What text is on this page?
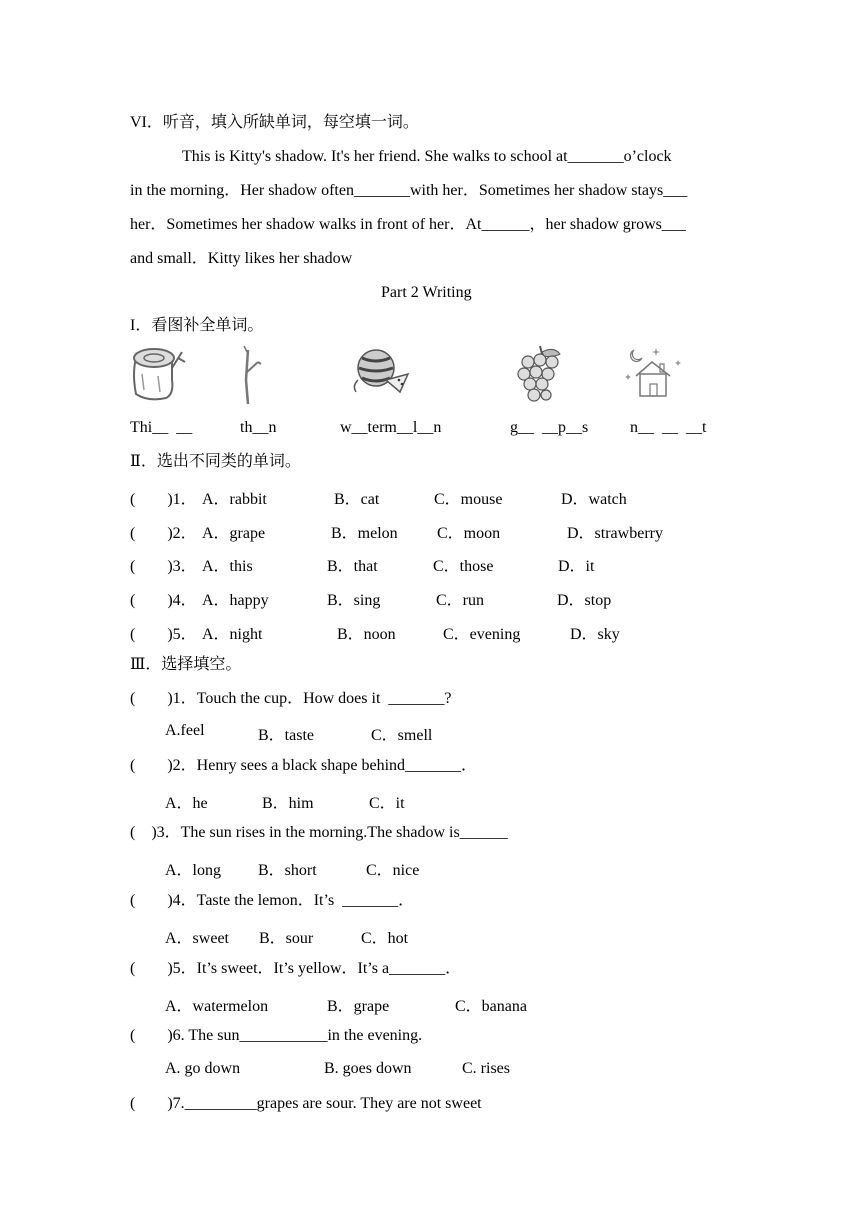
VI．听音，填入所缺单词，每空填一词。
This is Kitty's shadow. It's her friend. She walks to school at_______o’clock
in the morning．Her shadow often_______with her．Sometimes her shadow stays___
her．Sometimes her shadow walks in front of her．At______，her shadow grows___
and small．Kitty likes her shadow
Part 2 Writing
I．看图补全单词。
Thi__  __	th__n	w__term__l__n	g__  __p__s	n__  __  __t
Ⅱ．选出不同类的单词。
(        )1． A．rabbit	B．cat	C．mouse	D．watch
(        )2． A．grape	B．melon C．moon	D．strawberry
(        )3． A．this	B．that	C．those	D．it
(        )4． A．happy	B．sing	C．run	D．stop
(        )5． A．night	B．noon	C．evening	D．sky
Ⅲ．选择填空。
(        )1．Touch the cup．How does it  _______?
A.feel	B．taste	C．smell
(        )2．Henry sees a black shape behind_______．
A．he	B．him	C．it
(    )3．The sun rises in the morning.The shadow is______
A．long B．short	C．nice
(        )4．Taste the lemon．It’s  _______．
A．sweet B．sour	C．hot
(        )5．It’s sweet．It’s yellow．It’s a_______．
A．watermelon	B．grape	C．banana
(        )6. The sun___________in the evening.
A. go down	B. goes down	C. rises
(        )7._________grapes are sour. They are not sweet
